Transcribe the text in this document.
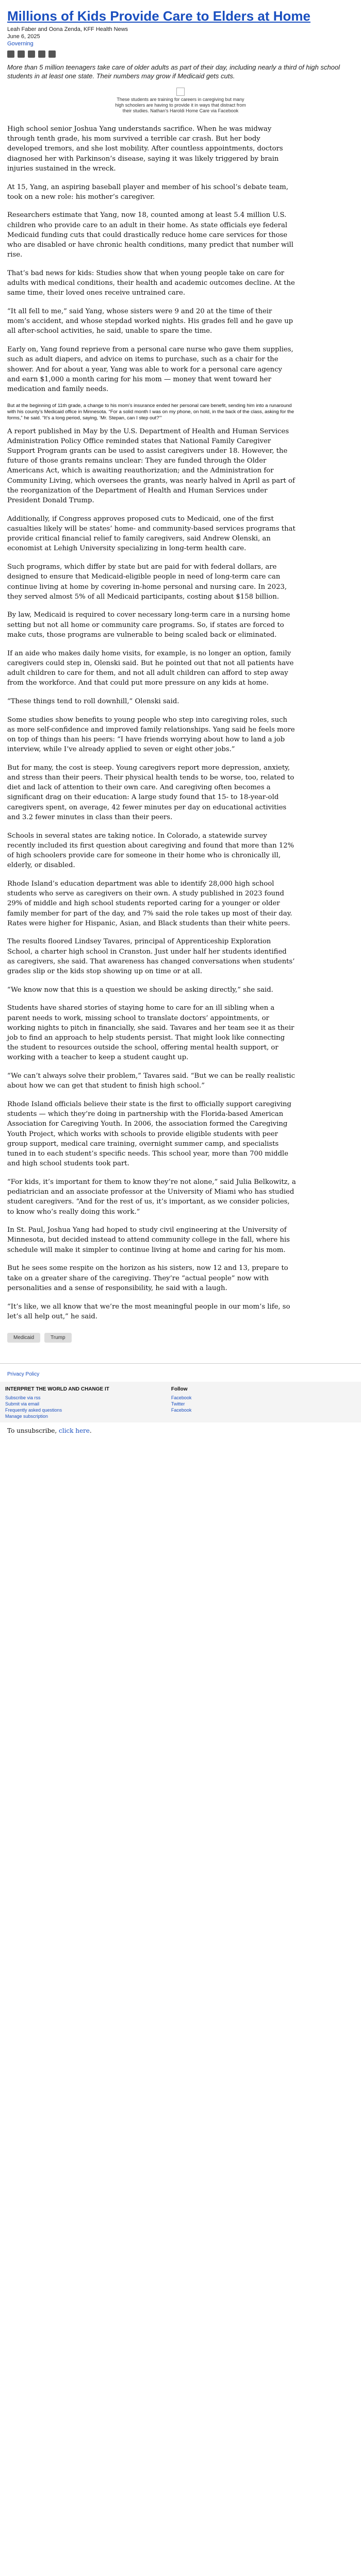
Millions of Kids Provide Care to Elders at Home
Leah Faber and Oona Zenda, KFF Health News
June 6, 2025
Governing

More than 5 million teenagers take care of older adults as part of their day, including nearly a third of high school students in at least one state. Their numbers may grow if Medicaid gets cuts.

These students are training for careers in caregiving but many high schoolers are having to provide it in ways that distract from their studies. Nathan’s Haroldi Home Care via Facebook

High school senior Joshua Yang understands sacrifice. When he was midway through tenth grade, his mom survived a terrible car crash. But her body developed tremors, and she lost mobility. After countless appointments, doctors diagnosed her with Parkinson’s disease, saying it was likely triggered by brain injuries sustained in the wreck.

At 15, Yang, an aspiring baseball player and member of his school’s debate team, took on a new role: his mother’s caregiver.

Researchers estimate that Yang, now 18, counted among at least 5.4 million U.S. children who provide care to an adult in their home. As state officials eye federal Medicaid funding cuts that could drastically reduce home care services for those who are disabled or have chronic health conditions, many predict that number will rise.

That’s bad news for kids: Studies show that when young people take on care for adults with medical conditions, their health and academic outcomes decline. At the same time, their loved ones receive untrained care.

“It all fell to me,” said Yang, whose sisters were 9 and 20 at the time of their mom’s accident, and whose stepdad worked nights. His grades fell and he gave up all after-school activities, he said, unable to spare the time.

Early on, Yang found reprieve from a personal care nurse who gave them supplies, such as adult diapers, and advice on items to purchase, such as a chair for the shower. And for about a year, Yang was able to work for a personal care agency and earn $1,000 a month caring for his mom — money that went toward her medication and family needs.

But at the beginning of 11th grade, a change to his mom’s insurance ended her personal care benefit, sending him into a runaround with his county’s Medicaid office in Minnesota. “For a solid month I was on my phone, on hold, in the back of the class, asking for the forms,” he said. “It’s a long period, saying, ‘Mr. Stepan, can I step out?’”

A report published in May by the U.S. Department of Health and Human Services Administration Policy Office reminded states that National Family Caregiver Support Program grants can be used to assist caregivers under 18. However, the future of those grants remains unclear: They are funded through the Older Americans Act, which is awaiting reauthorization; and the Administration for Community Living, which oversees the grants, was nearly halved in April as part of the reorganization of the Department of Health and Human Services under President Donald Trump.

Additionally, if Congress approves proposed cuts to Medicaid, one of the first casualties likely will be states’ home- and community-based services programs that provide critical financial relief to family caregivers, said Andrew Olenski, an economist at Lehigh University specializing in long-term health care.

Such programs, which differ by state but are paid for with federal dollars, are designed to ensure that Medicaid-eligible people in need of long-term care can continue living at home by covering in-home personal and nursing care. In 2023, they served almost 5% of all Medicaid participants, costing about $158 billion.

By law, Medicaid is required to cover necessary long-term care in a nursing home setting but not all home or community care programs. So, if states are forced to make cuts, those programs are vulnerable to being scaled back or eliminated.

If an aide who makes daily home visits, for example, is no longer an option, family caregivers could step in, Olenski said. But he pointed out that not all patients have adult children to care for them, and not all adult children can afford to step away from the workforce. And that could put more pressure on any kids at home.

“These things tend to roll downhill,” Olenski said.

Some studies show benefits to young people who step into caregiving roles, such as more self-confidence and improved family relationships. Yang said he feels more on top of things than his peers: “I have friends worrying about how to land a job interview, while I’ve already applied to seven or eight other jobs.”

But for many, the cost is steep. Young caregivers report more depression, anxiety, and stress than their peers. Their physical health tends to be worse, too, related to diet and lack of attention to their own care. And caregiving often becomes a significant drag on their education: A large study found that 15- to 18-year-old caregivers spent, on average, 42 fewer minutes per day on educational activities and 3.2 fewer minutes in class than their peers.

Schools in several states are taking notice. In Colorado, a statewide survey recently included its first question about caregiving and found that more than 12% of high schoolers provide care for someone in their home who is chronically ill, elderly, or disabled.

Rhode Island’s education department was able to identify 28,000 high school students who serve as caregivers on their own. A study published in 2023 found 29% of middle and high school students reported caring for a younger or older family member for part of the day, and 7% said the role takes up most of their day. Rates were higher for Hispanic, Asian, and Black students than their white peers.

The results floored Lindsey Tavares, principal of Apprenticeship Exploration School, a charter high school in Cranston. Just under half her students identified as caregivers, she said. That awareness has changed conversations when students’ grades slip or the kids stop showing up on time or at all.

“We know now that this is a question we should be asking directly,” she said.

Students have shared stories of staying home to care for an ill sibling when a parent needs to work, missing school to translate doctors’ appointments, or working nights to pitch in financially, she said. Tavares and her team see it as their job to find an approach to help students persist. That might look like connecting the student to resources outside the school, offering mental health support, or working with a teacher to keep a student caught up.

“We can’t always solve their problem,” Tavares said. “But we can be really realistic about how we can get that student to finish high school.”

Rhode Island officials believe their state is the first to officially support caregiving students — which they’re doing in partnership with the Florida-based American Association for Caregiving Youth. In 2006, the association formed the Caregiving Youth Project, which works with schools to provide eligible students with peer group support, medical care training, overnight summer camp, and specialists tuned in to each student’s specific needs. This school year, more than 700 middle and high school students took part.

“For kids, it’s important for them to know they’re not alone,” said Julia Belkowitz, a pediatrician and an associate professor at the University of Miami who has studied student caregivers. “And for the rest of us, it’s important, as we consider policies, to know who’s really doing this work.”

In St. Paul, Joshua Yang had hoped to study civil engineering at the University of Minnesota, but decided instead to attend community college in the fall, where his schedule will make it simpler to continue living at home and caring for his mom.

But he sees some respite on the horizon as his sisters, now 12 and 13, prepare to take on a greater share of the caregiving. They’re “actual people” now with personalities and a sense of responsibility, he said with a laugh.

“It’s like, we all know that we’re the most meaningful people in our mom’s life, so let’s all help out,” he said.

Medicaid	Trump
Privacy Policy
INTERPRET THE WORLD AND CHANGE IT
Subscribe via rss
Submit via email
Frequently asked questions
Manage subscription
Follow
Facebook
Twitter
Facebook
To unsubscribe, click here.
